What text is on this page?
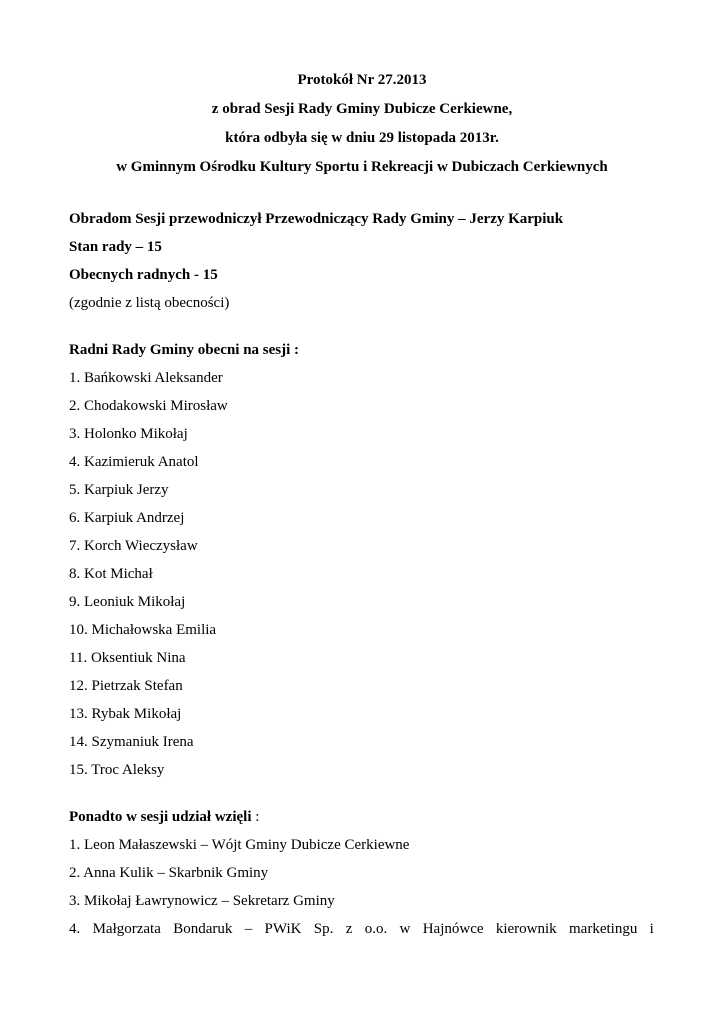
Protokół Nr 27.2013
z obrad Sesji Rady Gminy Dubicze Cerkiewne,
która odbyła się w dniu 29 listopada 2013r.
w Gminnym Ośrodku Kultury Sportu i Rekreacji w Dubiczach Cerkiewnych
Obradom Sesji przewodniczył Przewodniczący Rady Gminy – Jerzy Karpiuk
Stan rady – 15
Obecnych radnych - 15
(zgodnie z listą obecności)
Radni Rady Gminy obecni na sesji :
1. Bańkowski Aleksander
2. Chodakowski Mirosław
3. Holonko Mikołaj
4. Kazimieruk Anatol
5. Karpiuk Jerzy
6. Karpiuk Andrzej
7. Korch Wieczysław
8. Kot Michał
9. Leoniuk Mikołaj
10. Michałowska Emilia
11. Oksentiuk Nina
12. Pietrzak Stefan
13. Rybak Mikołaj
14. Szymaniuk Irena
15. Troc Aleksy
Ponadto w sesji udział wzięli :
1. Leon Małaszewski – Wójt Gminy Dubicze Cerkiewne
2. Anna Kulik – Skarbnik Gminy
3. Mikołaj Ławrynowicz – Sekretarz Gminy
4. Małgorzata Bondaruk – PWiK Sp. z o.o. w Hajnówce kierownik marketingu i
